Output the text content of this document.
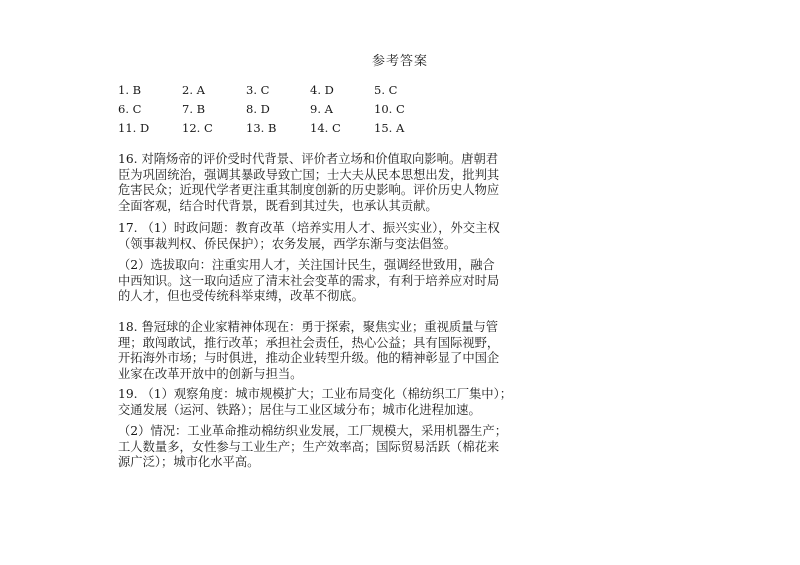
参考答案
1. B	2. A	3. C	4. D	5. C
6. C	7. B	8. D	9. A	10. C
11. D	12. C	13. B	14. C	15. A

16. 对隋炀帝的评价受时代背景、评价者立场和价值取向影响。唐朝君

臣为巩固统治，强调其暴政导致亡国；士大夫从民本思想出发，批判其

危害民众；近现代学者更注重其制度创新的历史影响。评价历史人物应

全面客观，结合时代背景，既看到其过失，也承认其贡献。

17. （1）时政问题：教育改革（培养实用人才、振兴实业），外交主权

（领事裁判权、侨民保护）；农务发展，西学东渐与变法倡签。

（2）选拔取向：注重实用人才，关注国计民生，强调经世致用，融合

中西知识。这一取向适应了清末社会变革的需求，有利于培养应对时局

的人才，但也受传统科举束缚，改革不彻底。

18. 鲁冠球的企业家精神体现在：勇于探索，聚焦实业；重视质量与管

理；敢闯敢试，推行改革；承担社会责任，热心公益；具有国际视野，

开拓海外市场；与时俱进，推动企业转型升级。他的精神彰显了中国企

业家在改革开放中的创新与担当。

19. （1）观察角度：城市规模扩大；工业布局变化（棉纺织工厂集中）；

交通发展（运河、铁路）；居住与工业区域分布；城市化进程加速。

（2）情况：工业革命推动棉纺织业发展，工厂规模大，采用机器生产；

工人数量多，女性参与工业生产；生产效率高；国际贸易活跃（棉花来

源广泛）；城市化水平高。
